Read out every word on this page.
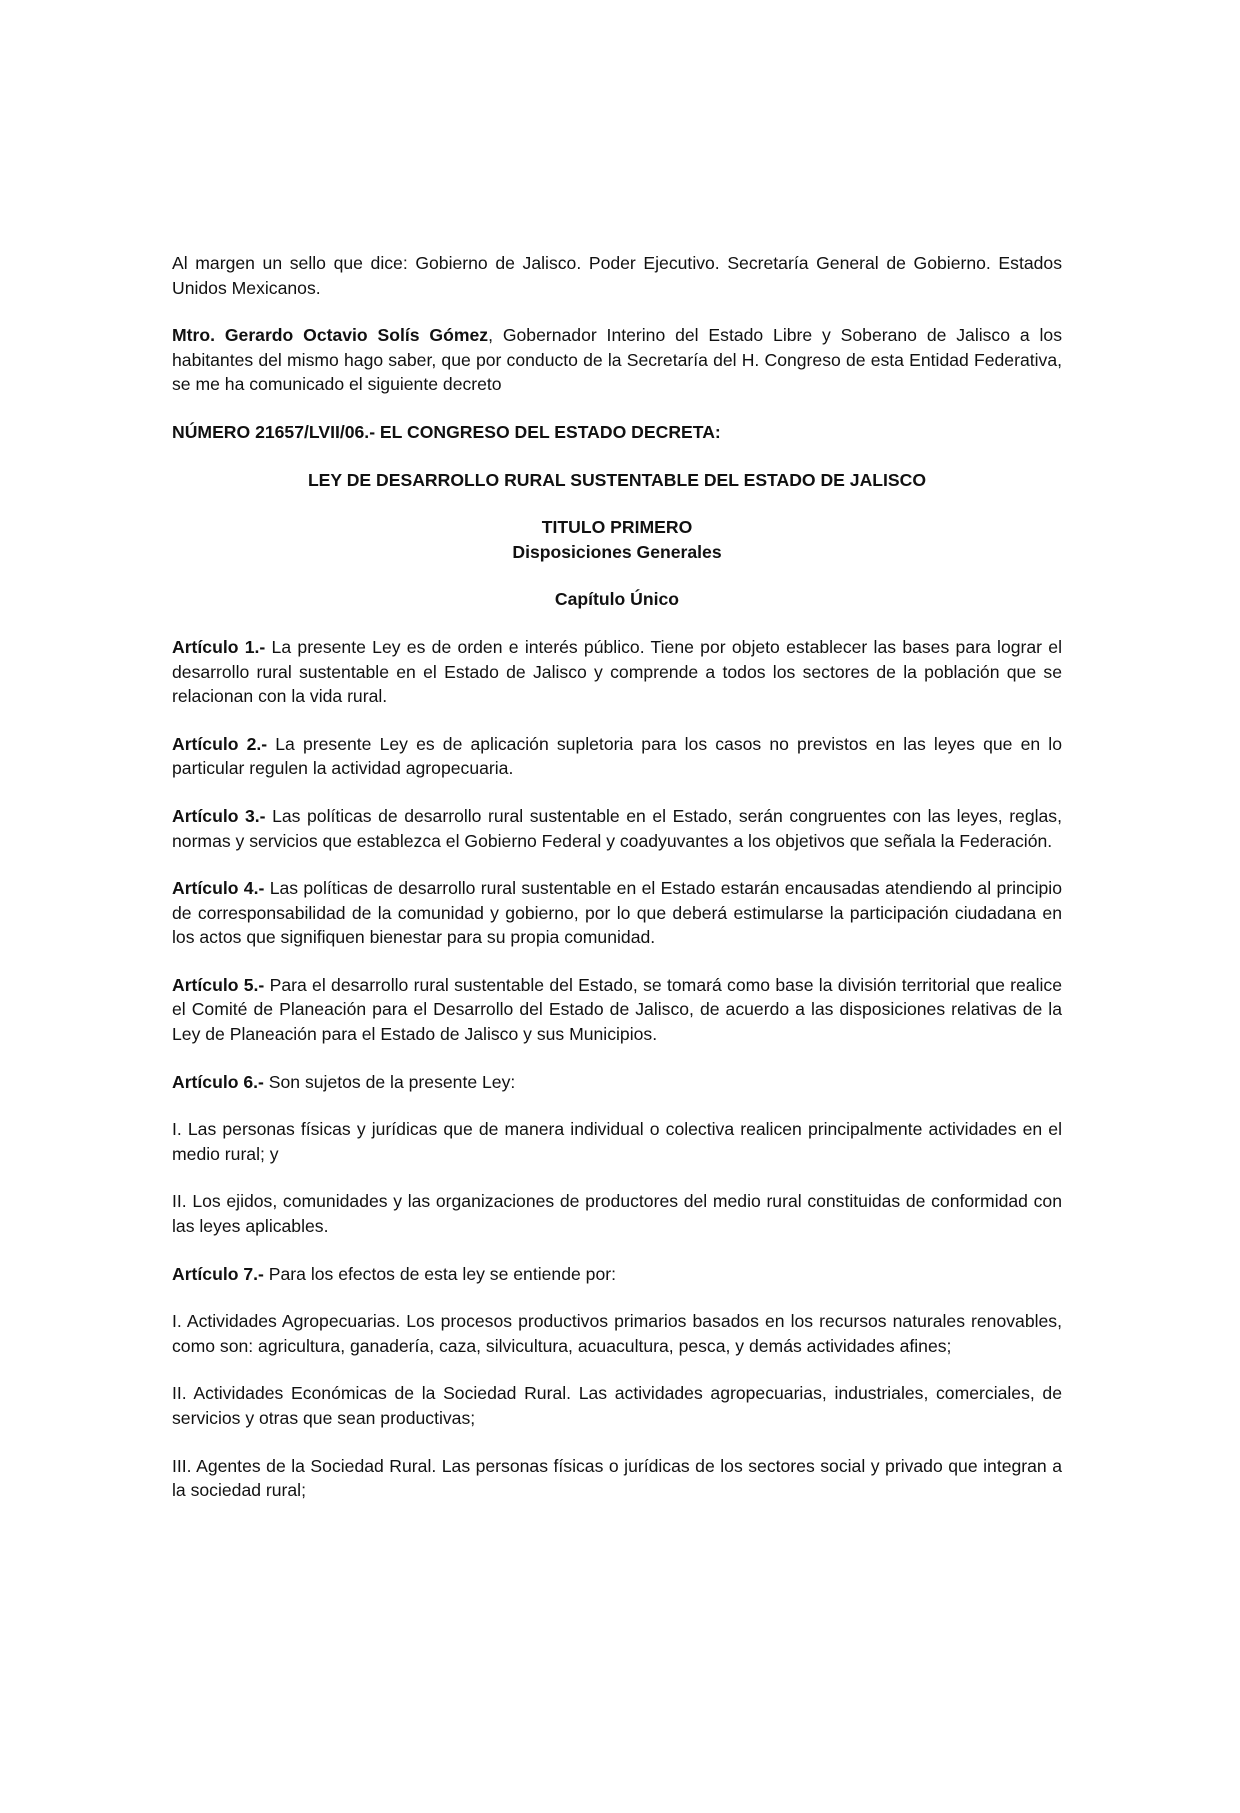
Al margen un sello que dice: Gobierno de Jalisco. Poder Ejecutivo. Secretaría General de Gobierno. Estados Unidos Mexicanos.

Mtro. Gerardo Octavio Solís Gómez, Gobernador Interino del Estado Libre y Soberano de Jalisco a los habitantes del mismo hago saber, que por conducto de la Secretaría del H. Congreso de esta Entidad Federativa, se me ha comunicado el siguiente decreto

NÚMERO 21657/LVII/06.- EL CONGRESO DEL ESTADO DECRETA:

LEY DE DESARROLLO RURAL SUSTENTABLE DEL ESTADO DE JALISCO

TITULO PRIMERO
Disposiciones Generales

Capítulo Único

Artículo 1.- La presente Ley es de orden e interés público. Tiene por objeto establecer las bases para lograr el desarrollo rural sustentable en el Estado de Jalisco y comprende a todos los sectores de la población que se relacionan con la vida rural.

Artículo 2.- La presente Ley es de aplicación supletoria para los casos no previstos en las leyes que en lo particular regulen la actividad agropecuaria.

Artículo 3.- Las políticas de desarrollo rural sustentable en el Estado, serán congruentes con las leyes, reglas, normas y servicios que establezca el Gobierno Federal y coadyuvantes a los objetivos que señala la Federación.

Artículo 4.- Las políticas de desarrollo rural sustentable en el Estado estarán encausadas atendiendo al principio de corresponsabilidad de la comunidad y gobierno, por lo que deberá estimularse la participación ciudadana en los actos que signifiquen bienestar para su propia comunidad.

Artículo 5.- Para el desarrollo rural sustentable del Estado, se tomará como base la división territorial que realice el Comité de Planeación para el Desarrollo del Estado de Jalisco, de acuerdo a las disposiciones relativas de la Ley de Planeación para el Estado de Jalisco y sus Municipios.

Artículo 6.- Son sujetos de la presente Ley:

I. Las personas físicas y jurídicas que de manera individual o colectiva realicen principalmente actividades en el medio rural; y

II. Los ejidos, comunidades y las organizaciones de productores del medio rural constituidas de conformidad con las leyes aplicables.

Artículo 7.- Para los efectos de esta ley se entiende por:

I. Actividades Agropecuarias. Los procesos productivos primarios basados en los recursos naturales renovables, como son: agricultura, ganadería, caza, silvicultura, acuacultura, pesca, y demás actividades afines;

II. Actividades Económicas de la Sociedad Rural. Las actividades agropecuarias, industriales, comerciales, de servicios y otras que sean productivas;

III. Agentes de la Sociedad Rural. Las personas físicas o jurídicas de los sectores social y privado que integran a la sociedad rural;
